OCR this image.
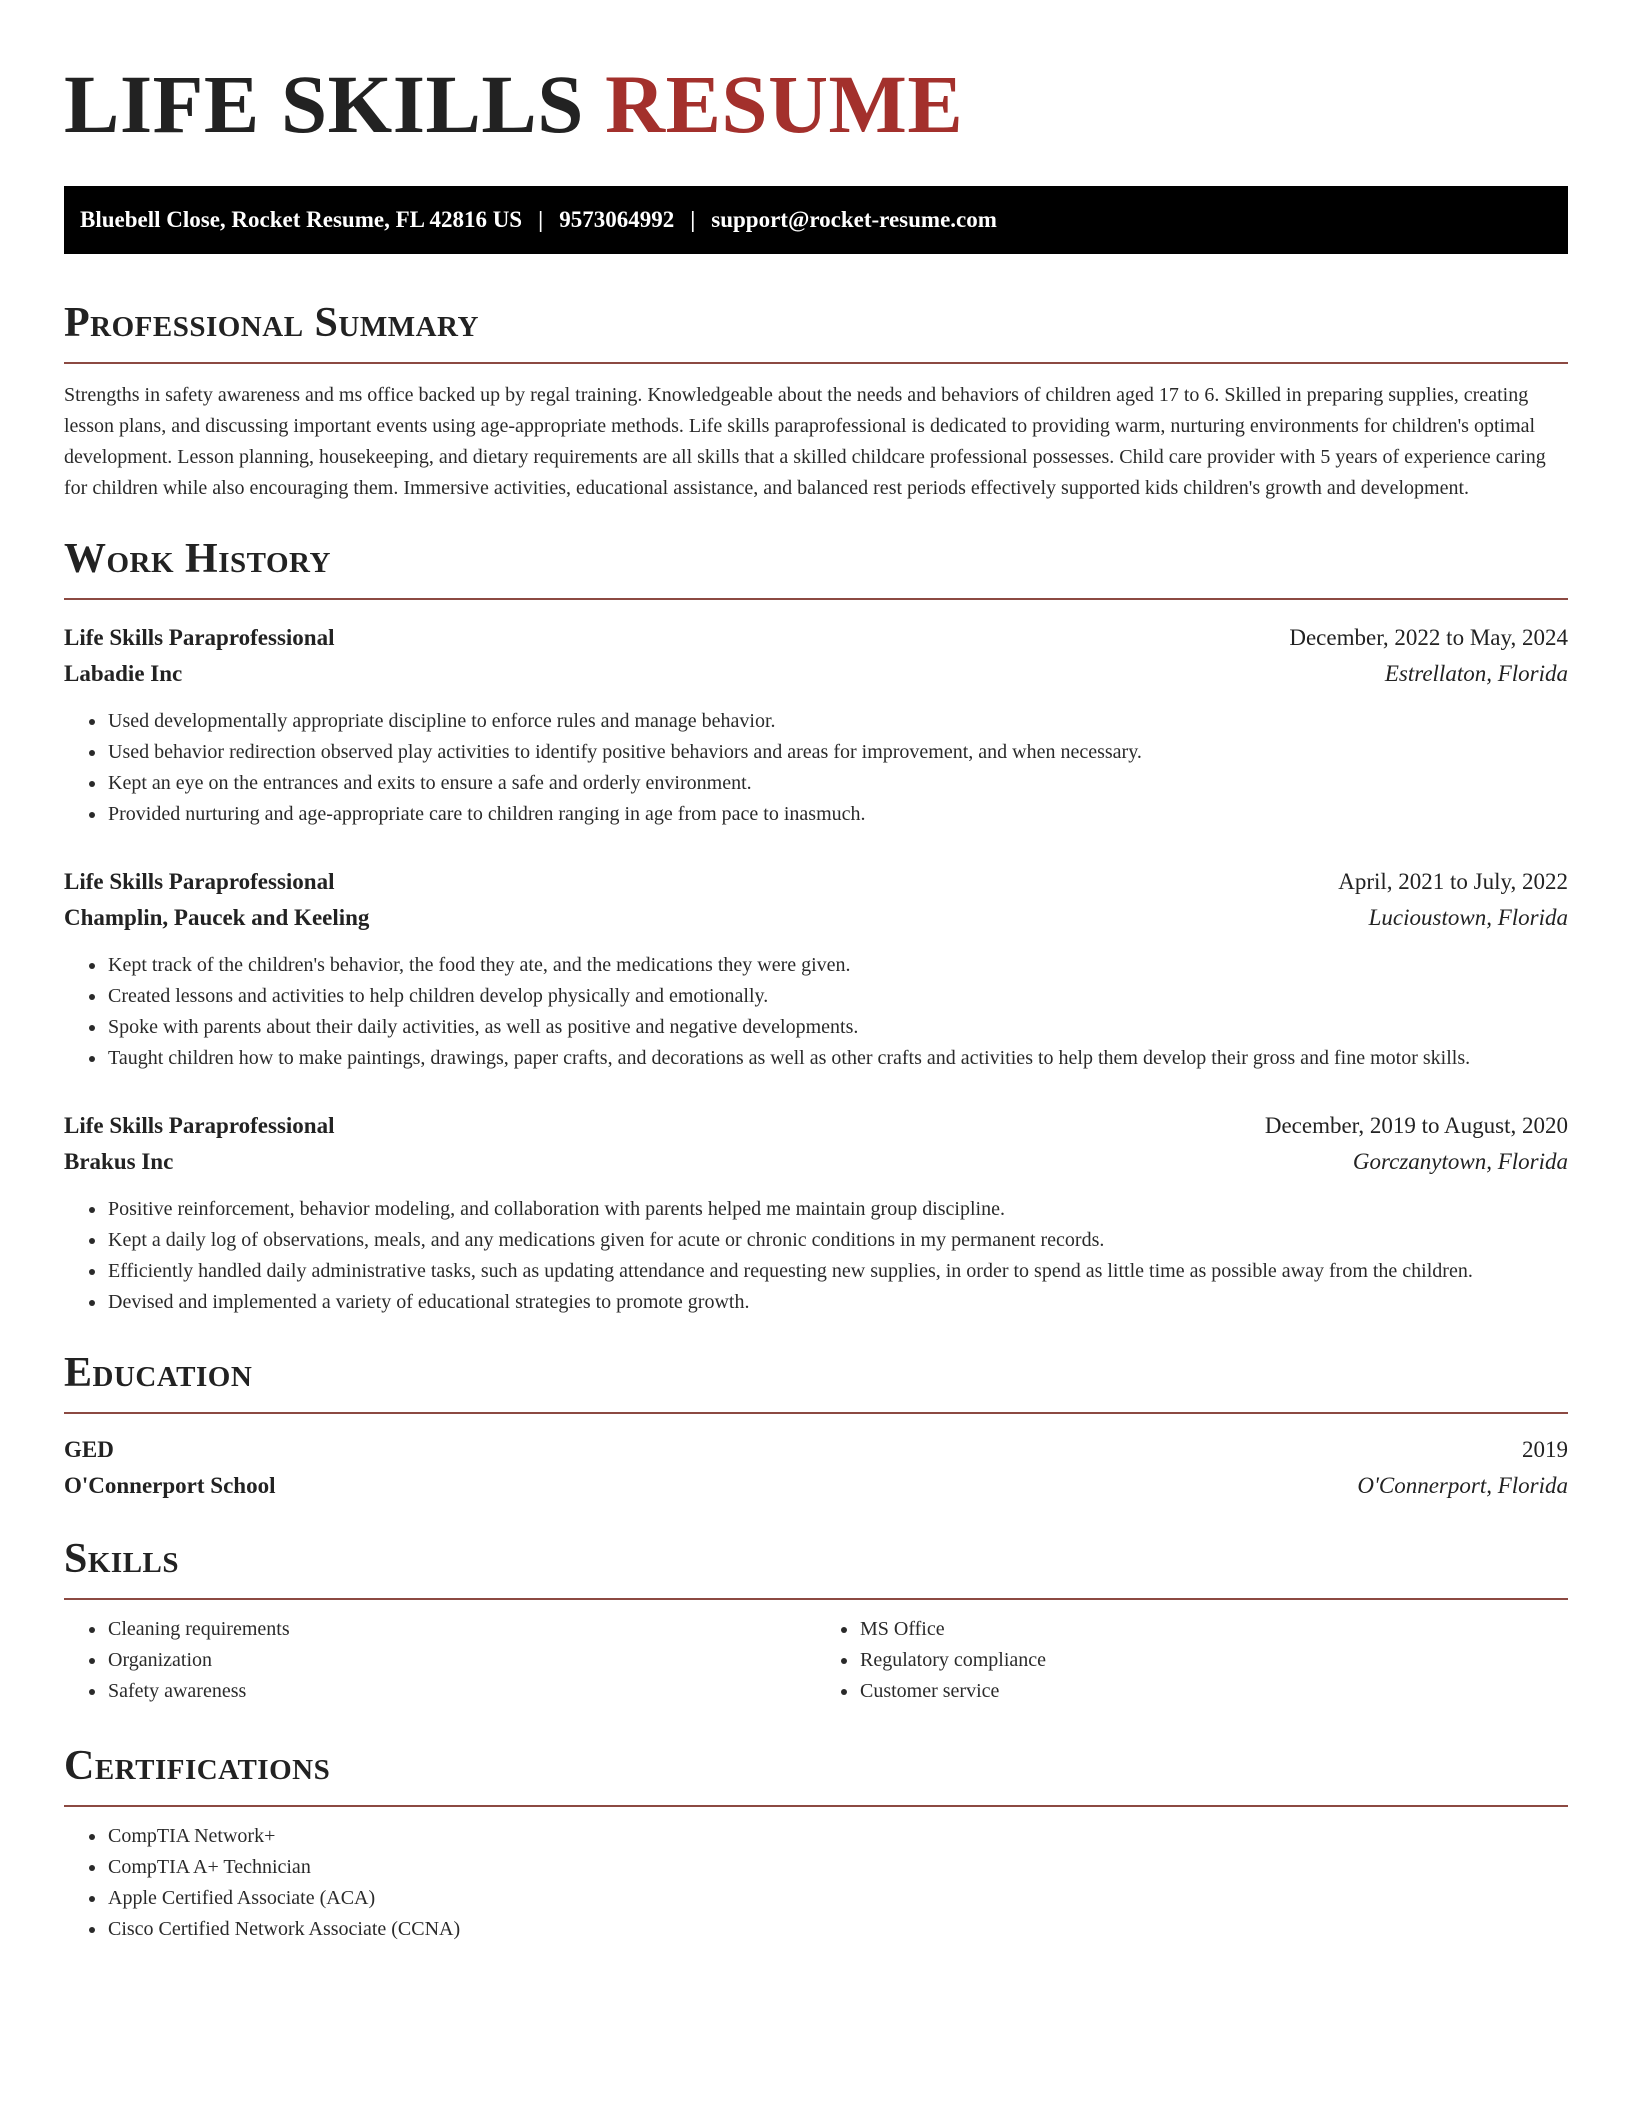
LIFE SKILLS RESUME
Bluebell Close, Rocket Resume, FL 42816 US | 9573064992 | support@rocket-resume.com
Professional Summary

Strengths in safety awareness and ms office backed up by regal training. Knowledgeable about the needs and behaviors of children aged 17 to 6. Skilled in preparing supplies, creating lesson plans, and discussing important events using age-appropriate methods. Life skills paraprofessional is dedicated to providing warm, nurturing environments for children's optimal development. Lesson planning, housekeeping, and dietary requirements are all skills that a skilled childcare professional possesses. Child care provider with 5 years of experience caring for children while also encouraging them. Immersive activities, educational assistance, and balanced rest periods effectively supported kids children's growth and development.

Work History
Life Skills Paraprofessional	December, 2022 to May, 2024
Labadie Inc	Estrellaton, Florida
• Used developmentally appropriate discipline to enforce rules and manage behavior.
• Used behavior redirection observed play activities to identify positive behaviors and areas for improvement, and when necessary.
• Kept an eye on the entrances and exits to ensure a safe and orderly environment.
• Provided nurturing and age-appropriate care to children ranging in age from pace to inasmuch.
Life Skills Paraprofessional	April, 2021 to July, 2022
Champlin, Paucek and Keeling	Lucioustown, Florida
• Kept track of the children's behavior, the food they ate, and the medications they were given.
• Created lessons and activities to help children develop physically and emotionally.
• Spoke with parents about their daily activities, as well as positive and negative developments.
• Taught children how to make paintings, drawings, paper crafts, and decorations as well as other crafts and activities to help them develop their gross and fine motor skills.
Life Skills Paraprofessional	December, 2019 to August, 2020
Brakus Inc	Gorczanytown, Florida
• Positive reinforcement, behavior modeling, and collaboration with parents helped me maintain group discipline.
• Kept a daily log of observations, meals, and any medications given for acute or chronic conditions in my permanent records.
• Efficiently handled daily administrative tasks, such as updating attendance and requesting new supplies, in order to spend as little time as possible away from the children.
• Devised and implemented a variety of educational strategies to promote growth.
Education
GED	2019
O'Connerport School	O'Connerport, Florida
Skills
• Cleaning requirements
• Organization
• Safety awareness
• MS Office
• Regulatory compliance
• Customer service
Certifications
• CompTIA Network+
• CompTIA A+ Technician
• Apple Certified Associate (ACA)
• Cisco Certified Network Associate (CCNA)
